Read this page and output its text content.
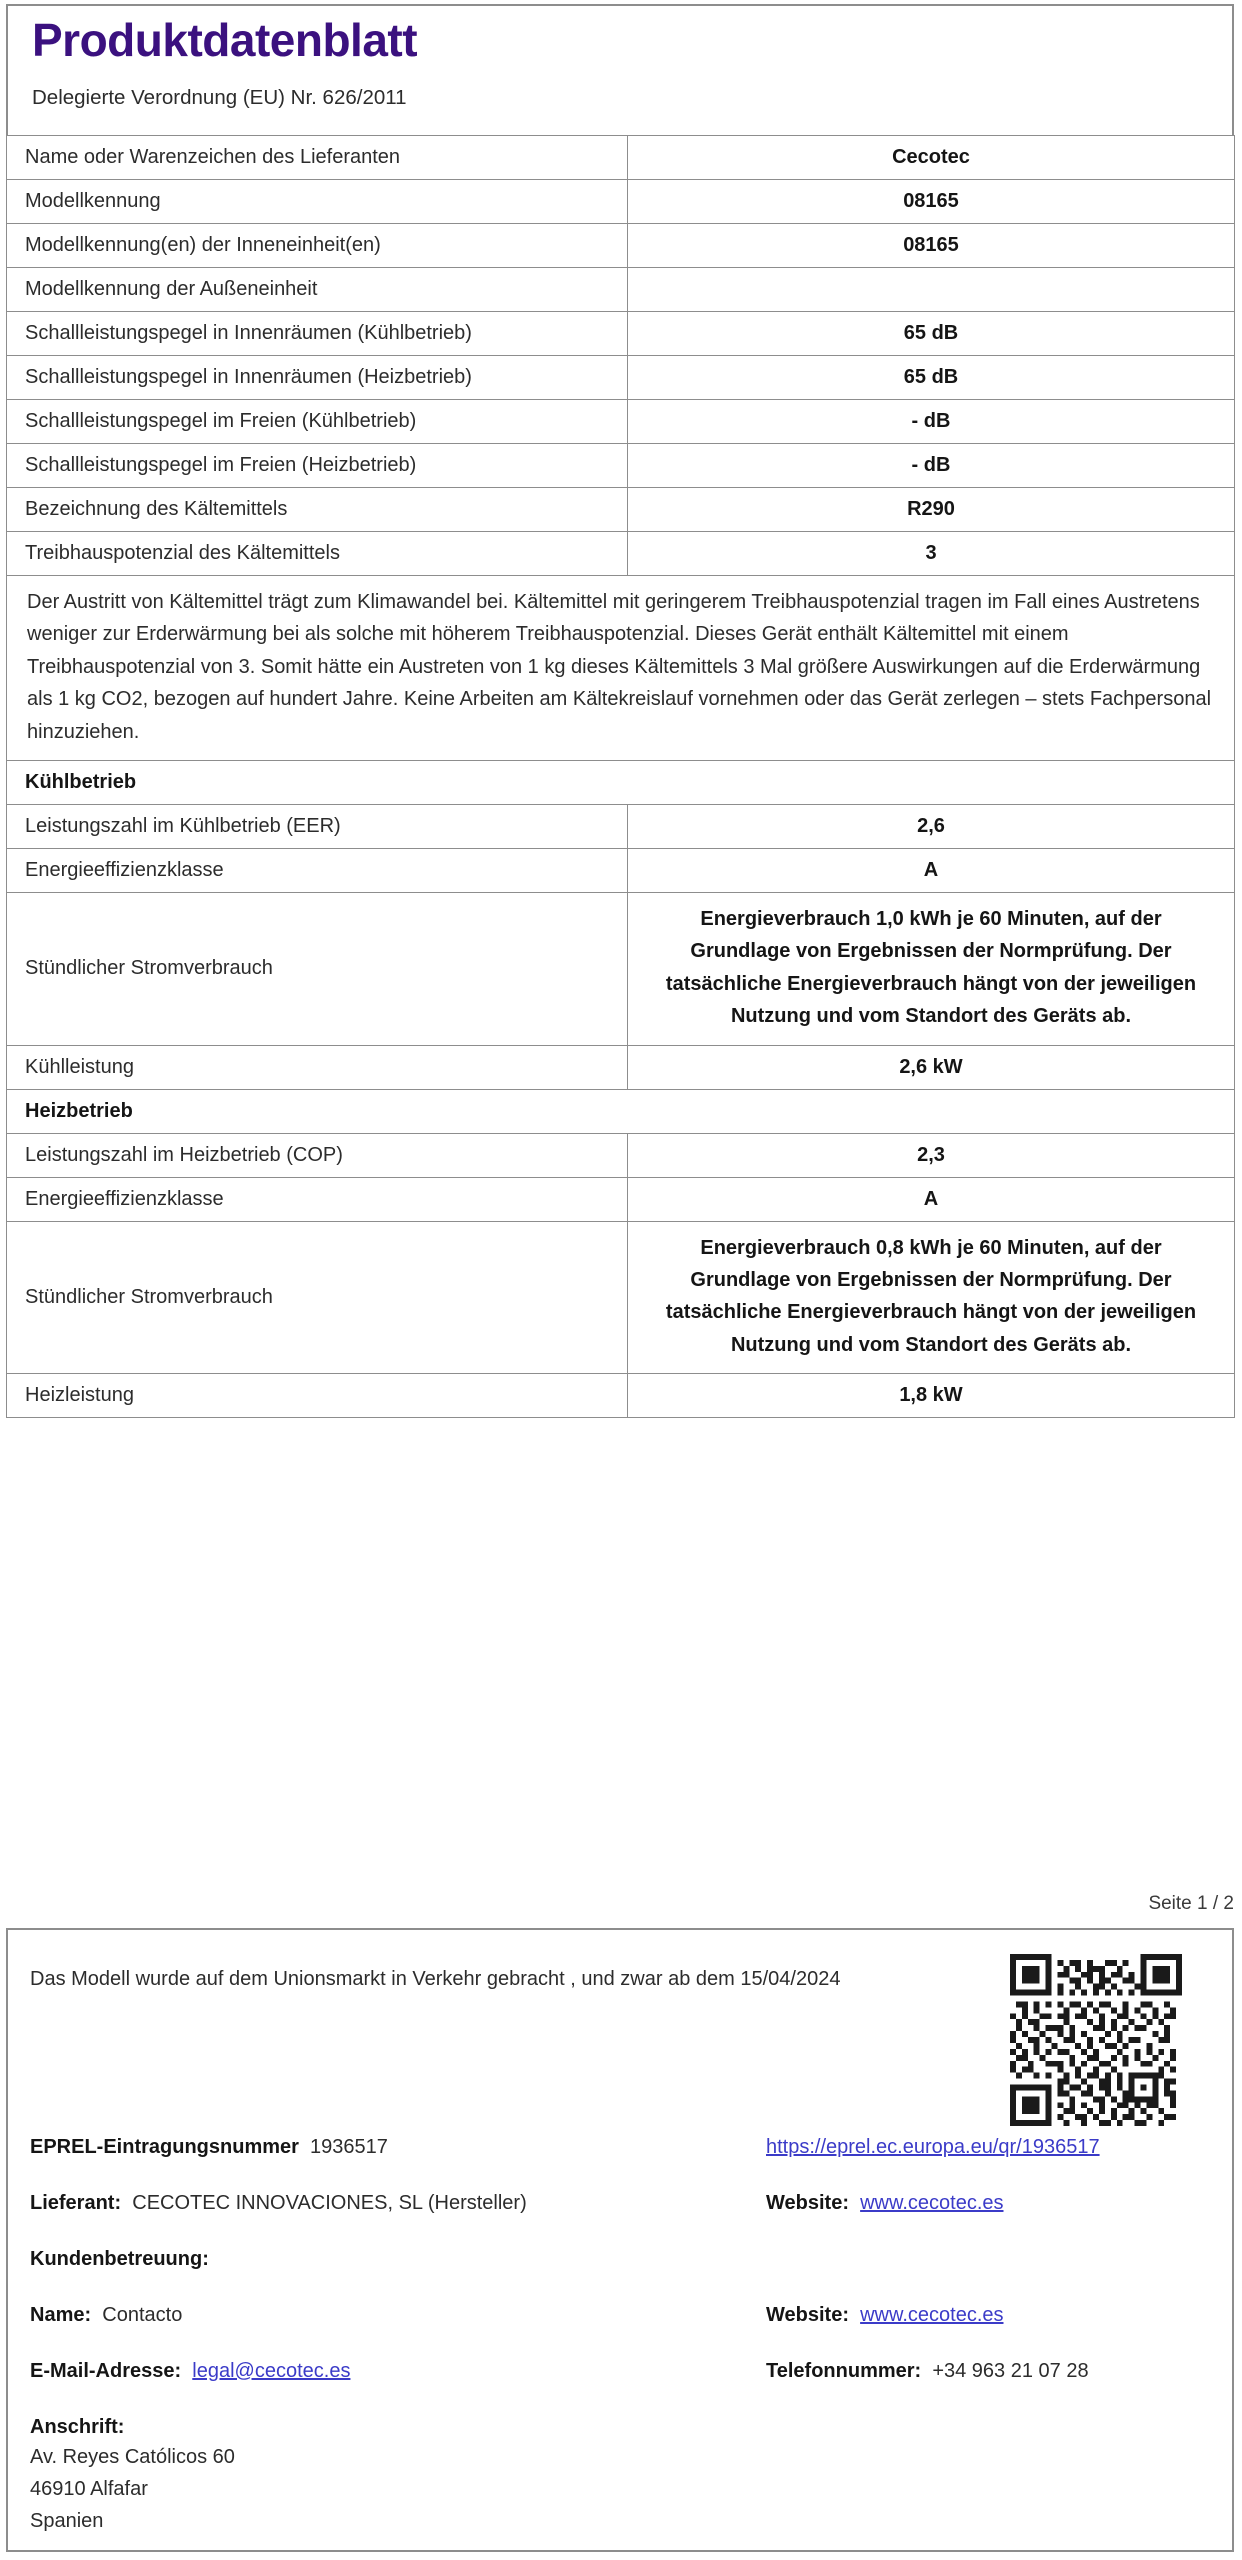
Produktdatenblatt
Delegierte Verordnung (EU) Nr. 626/2011
Name oder Warenzeichen des Lieferanten	Cecotec
Modellkennung	08165
Modellkennung(en) der Inneneinheit(en)	08165
Modellkennung der Außeneinheit	
Schallleistungspegel in Innenräumen (Kühlbetrieb)	65 dB
Schallleistungspegel in Innenräumen (Heizbetrieb)	65 dB
Schallleistungspegel im Freien (Kühlbetrieb)	- dB
Schallleistungspegel im Freien (Heizbetrieb)	- dB
Bezeichnung des Kältemittels	R290
Treibhauspotenzial des Kältemittels	3
Der Austritt von Kältemittel trägt zum Klimawandel bei. Kältemittel mit geringerem Treibhauspotenzial tragen im Fall eines Austretens weniger zur Erderwärmung bei als solche mit höherem Treibhauspotenzial. Dieses Gerät enthält Kältemittel mit einem Treibhauspotenzial von 3. Somit hätte ein Austreten von 1 kg dieses Kältemittels 3 Mal größere Auswirkungen auf die Erderwärmung als 1 kg CO2, bezogen auf hundert Jahre. Keine Arbeiten am Kältekreislauf vornehmen oder das Gerät zerlegen – stets Fachpersonal hinzuziehen.	
Kühlbetrieb	
Leistungszahl im Kühlbetrieb (EER)	2,6
Energieeffizienzklasse	A
Stündlicher Stromverbrauch	Energieverbrauch 1,0 kWh je 60 Minuten, auf der Grundlage von Ergebnissen der Normprüfung. Der tatsächliche Energieverbrauch hängt von der jeweiligen Nutzung und vom Standort des Geräts ab.
Kühlleistung	2,6 kW
Heizbetrieb	
Leistungszahl im Heizbetrieb (COP)	2,3
Energieeffizienzklasse	A
Stündlicher Stromverbrauch	Energieverbrauch 0,8 kWh je 60 Minuten, auf der Grundlage von Ergebnissen der Normprüfung. Der tatsächliche Energieverbrauch hängt von der jeweiligen Nutzung und vom Standort des Geräts ab.
Heizleistung	1,8 kW
Seite 1 / 2
Das Modell wurde auf dem Unionsmarkt in Verkehr gebracht , und zwar ab dem 15/04/2024
EPREL-Eintragungsnummer 1936517	https://eprel.ec.europa.eu/qr/1936517
Lieferant: CECOTEC INNOVACIONES, SL (Hersteller)	Website: www.cecotec.es
Kundenbetreuung:
Name: Contacto	Website: www.cecotec.es
E-Mail-Adresse: legal@cecotec.es	Telefonnummer: +34 963 21 07 28
Anschrift:
Av. Reyes Católicos 60
46910 Alfafar
Spanien
